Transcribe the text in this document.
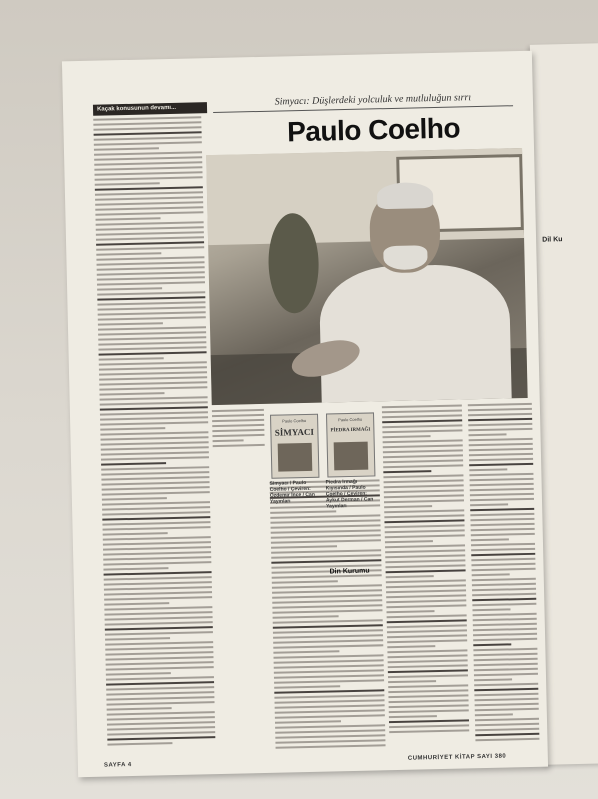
Dil Ku
Kaçak konusunun devamı...
Simyacı: Düşlerdeki yolculuk ve mutluluğun sırrı
Paulo Coelho
Paulo Coelho
SİMYACI
Paulo Coelho
PİEDRA IRMAĞI
Simyacı / Paulo Coelho / Çeviren: Özdemir İnce / Can Yayınları
Piedra Irmağı Kıyısında / Paulo Coelho / Çeviren: Aykut Derman / Can Yayınları
Din Kurumu
SAYFA 4
CUMHURİYET KİTAP SAYI 380
